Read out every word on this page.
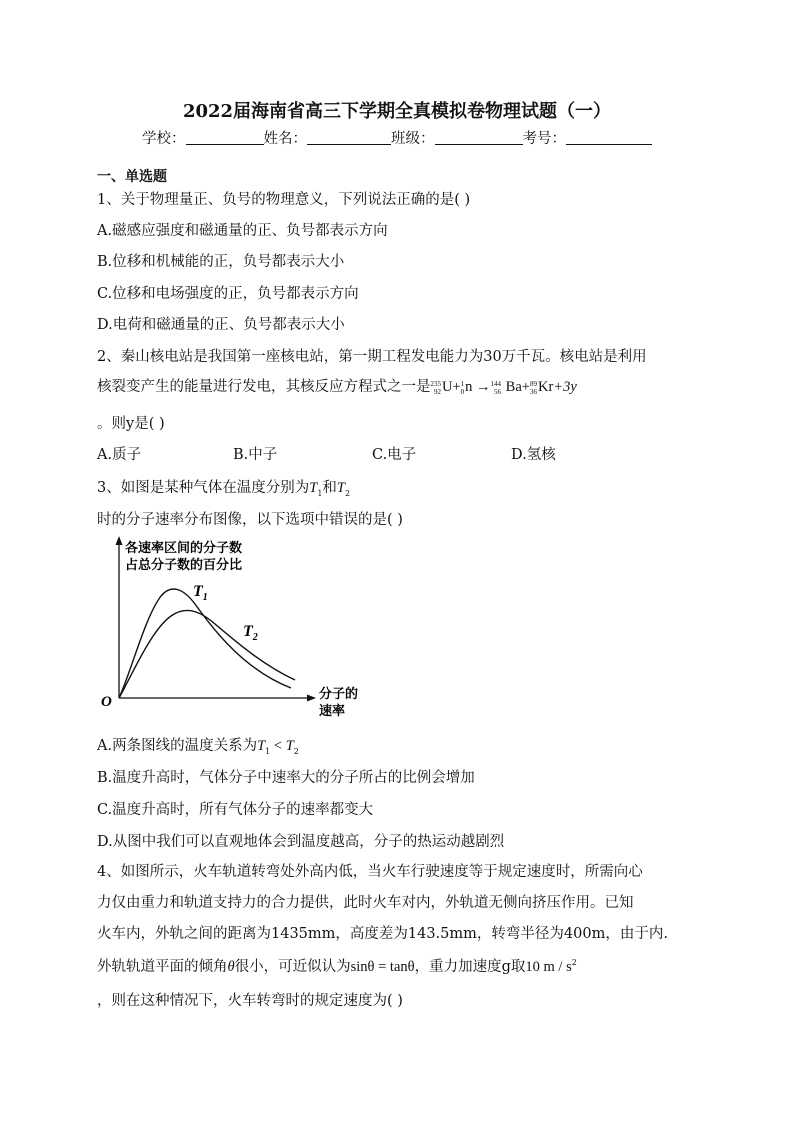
2022届海南省高三下学期全真模拟卷物理试题（一）
学校：	姓名：	班级：	考号：
一、单选题
1、关于物理量正、负号的物理意义，下列说法正确的是( )
A.磁感应强度和磁通量的正、负号都表示方向
B.位移和机械能的正，负号都表示大小
C.位移和电场强度的正，负号都表示方向
D.电荷和磁通量的正、负号都表示大小
2、秦山核电站是我国第一座核电站，第一期工程发电能力为30万千瓦。核电站是利用
核裂变产生的能量进行发电，其核反应方程式之一是 235
92 U+ 1
0 n → 144
56 Ba+ 89
36 Kr+3y
。则y是( )
A.质子	B.中子	C.电子	D.氢核
3、如图是某种气体在温度分别为$T_1$和$T_2$
时的分子速率分布图像，以下选项中错误的是( )
各速率区间的分子数
占总分子数的百分比
O	分子的
速率
$T_1$
$T_2$
A.两条图线的温度关系为$T_1 < T_2$
B.温度升高时，气体分子中速率大的分子所占的比例会增加
C.温度升高时，所有气体分子的速率都变大
D.从图中我们可以直观地体会到温度越高，分子的热运动越剧烈
4、如图所示，火车轨道转弯处外高内低，当火车行驶速度等于规定速度时，所需向心
力仅由重力和轨道支持力的合力提供，此时火车对内，外轨道无侧向挤压作用。已知
火车内，外轨之间的距离为1435mm，高度差为143.5mm，转弯半径为400m，由于内.
外轨轨道平面的倾角θ很小，可近似认为sinθ = tanθ，重力加速度g取10 m / $s^2$
，则在这种情况下，火车转弯时的规定速度为( )
